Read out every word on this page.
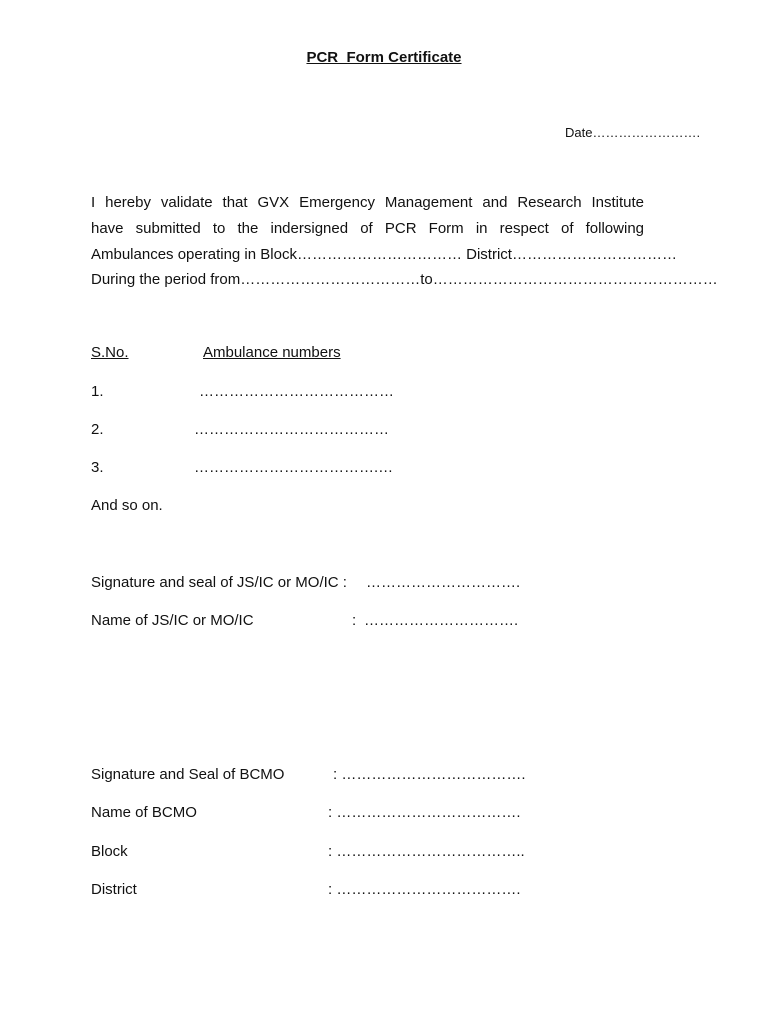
PCR  Form Certificate
Date…………………….
I hereby validate that GVX Emergency Management and Research Institute
have submitted to the indersigned of PCR Form in respect of following
Ambulances operating in Block…………………………… District……………………………
During the period from………………………………to…………………………………………………
S.No.	Ambulance numbers
1.	…………………………………
2.	…………………………………
3.	……………………………….…
And so on.
Signature and seal of JS/IC or MO/IC : ………………………….
Name of JS/IC or MO/IC	: ………………………….
Signature and Seal of BCMO	: ……………………………….
Name of BCMO	: ……………………………….
Block	: ………………………………..
District	: ……………………………….
